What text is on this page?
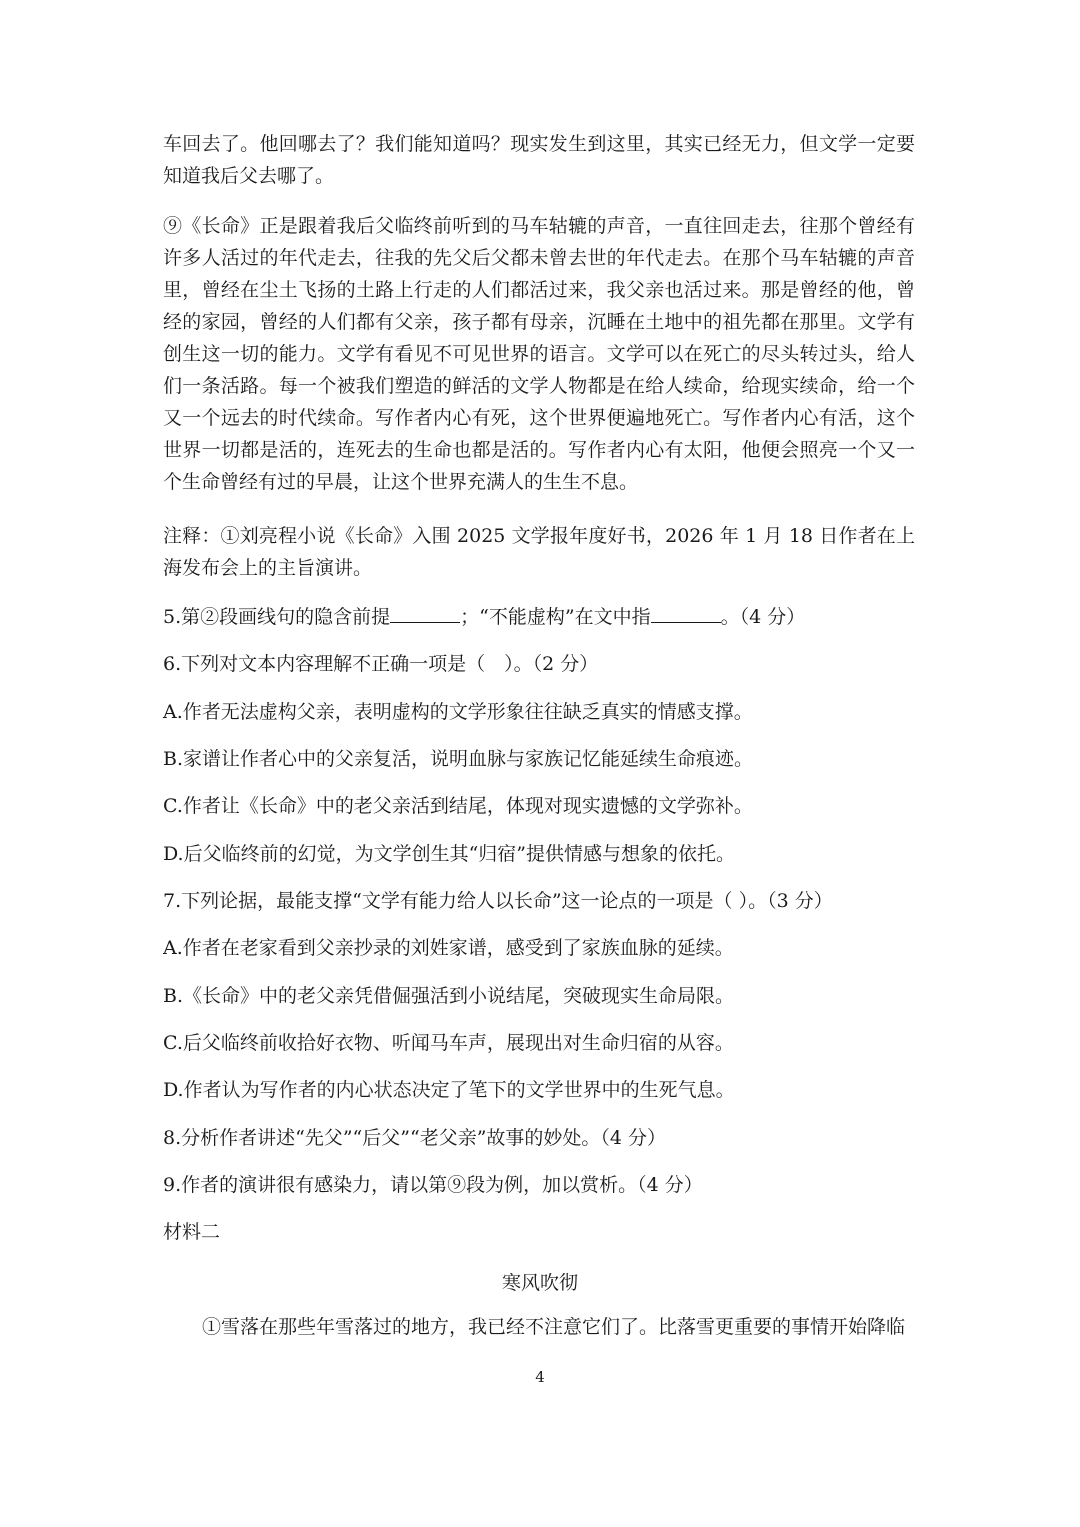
车回去了。他回哪去了？我们能知道吗？现实发生到这里，其实已经无力，但文学一定要知道我后父去哪了。

⑨《长命》正是跟着我后父临终前听到的马车轱辘的声音，一直往回走去，往那个曾经有许多人活过的年代走去，往我的先父后父都未曾去世的年代走去。在那个马车轱辘的声音里，曾经在尘土飞扬的土路上行走的人们都活过来，我父亲也活过来。那是曾经的他，曾经的家园，曾经的人们都有父亲，孩子都有母亲，沉睡在土地中的祖先都在那里。文学有创生这一切的能力。文学有看见不可见世界的语言。文学可以在死亡的尽头转过头，给人们一条活路。每一个被我们塑造的鲜活的文学人物都是在给人续命，给现实续命，给一个又一个远去的时代续命。写作者内心有死，这个世界便遍地死亡。写作者内心有活，这个世界一切都是活的，连死去的生命也都是活的。写作者内心有太阳，他便会照亮一个又一个生命曾经有过的早晨，让这个世界充满人的生生不息。

注释：①刘亮程小说《长命》入围 2025 文学报年度好书，2026 年 1 月 18 日作者在上海发布会上的主旨演讲。

5.第②段画线句的隐含前提	；“不能虚构”在文中指	。（4 分）

6.下列对文本内容理解不正确一项是（　）。（2 分）

A.作者无法虚构父亲，表明虚构的文学形象往往缺乏真实的情感支撑。

B.家谱让作者心中的父亲复活，说明血脉与家族记忆能延续生命痕迹。

C.作者让《长命》中的老父亲活到结尾，体现对现实遗憾的文学弥补。

D.后父临终前的幻觉，为文学创生其“归宿”提供情感与想象的依托。

7.下列论据，最能支撑“文学有能力给人以长命”这一论点的一项是（ ）。（3 分）

A.作者在老家看到父亲抄录的刘姓家谱，感受到了家族血脉的延续。

B.《长命》中的老父亲凭借倔强活到小说结尾，突破现实生命局限。

C.后父临终前收拾好衣物、听闻马车声，展现出对生命归宿的从容。

D.作者认为写作者的内心状态决定了笔下的文学世界中的生死气息。

8.分析作者讲述“先父”“后父”“老父亲”故事的妙处。（4 分）

9.作者的演讲很有感染力，请以第⑨段为例，加以赏析。（4 分）

材料二

寒风吹彻

①雪落在那些年雪落过的地方，我已经不注意它们了。比落雪更重要的事情开始降临

4
